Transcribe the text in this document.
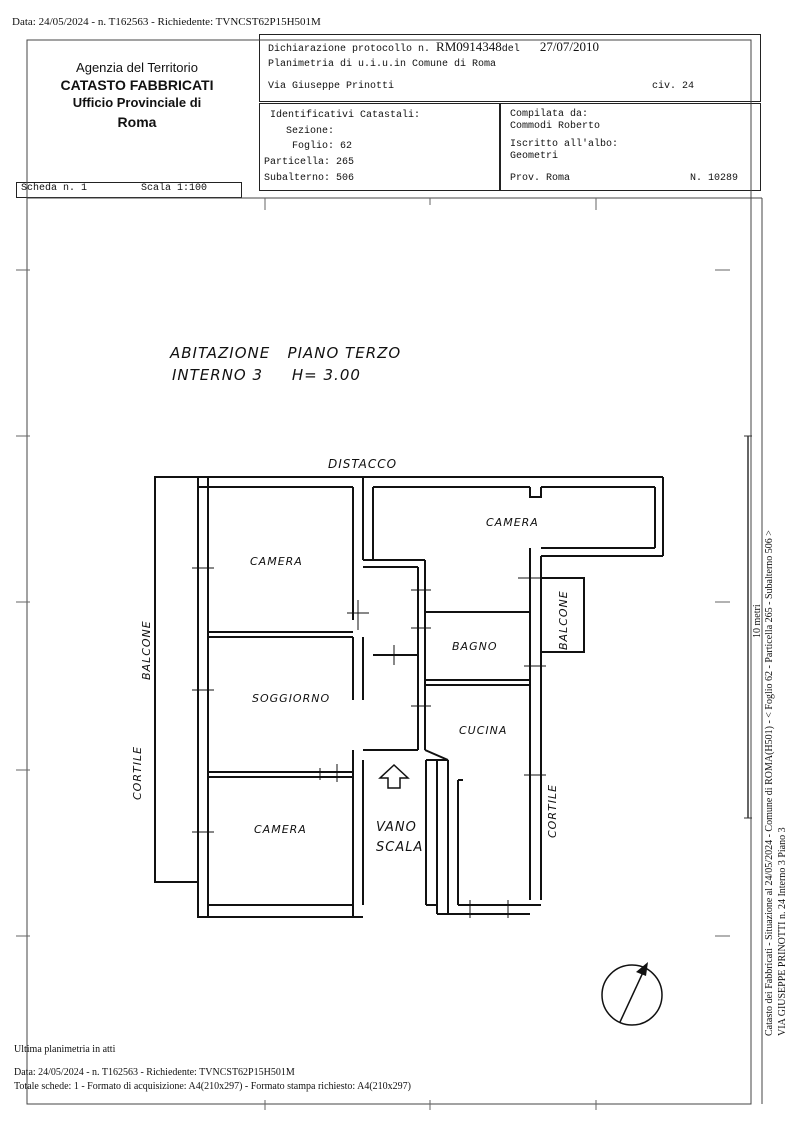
Data: 24/05/2024 - n. T162563 - Richiedente: TVNCST62P15H501M
Agenzia del Territorio
CATASTO FABBRICATI
Ufficio Provinciale di
Roma
Dichiarazione protocollo n. RM0914348del 27/07/2010
Planimetria di u.i.u.in Comune di Roma
Via Giuseppe Prinotti	civ. 24
Identificativi Catastali:
Sezione:
Foglio: 62
Particella: 265
Subalterno: 506
Compilata da:
Commodi Roberto
Iscritto all'albo:
Geometri
Prov. Roma	N. 10289
Scheda n. 1	Scala 1:100
ABITAZIONE   PIANO TERZO
INTERNO 3     H= 3.00
DISTACCO
CAMERA
CAMERA
SOGGIORNO
BAGNO
CUCINA
CAMERA	VANO
SCALA
BALCONE
CORTILE
BALCONE
CORTILE	Catasto dei Fabbricati - Situazione al 24/05/2024 - Comune di ROMA(H501) - < Foglio 62 - Particella 265 - Subalterno 506 > VIA GIUSEPPE PRINOTTI n. 24 Interno 3 Piano 3
10 metri
Ultima planimetria in atti
Data: 24/05/2024 - n. T162563 - Richiedente: TVNCST62P15H501M
Totale schede: 1 - Formato di acquisizione: A4(210x297) - Formato stampa richiesto: A4(210x297)
